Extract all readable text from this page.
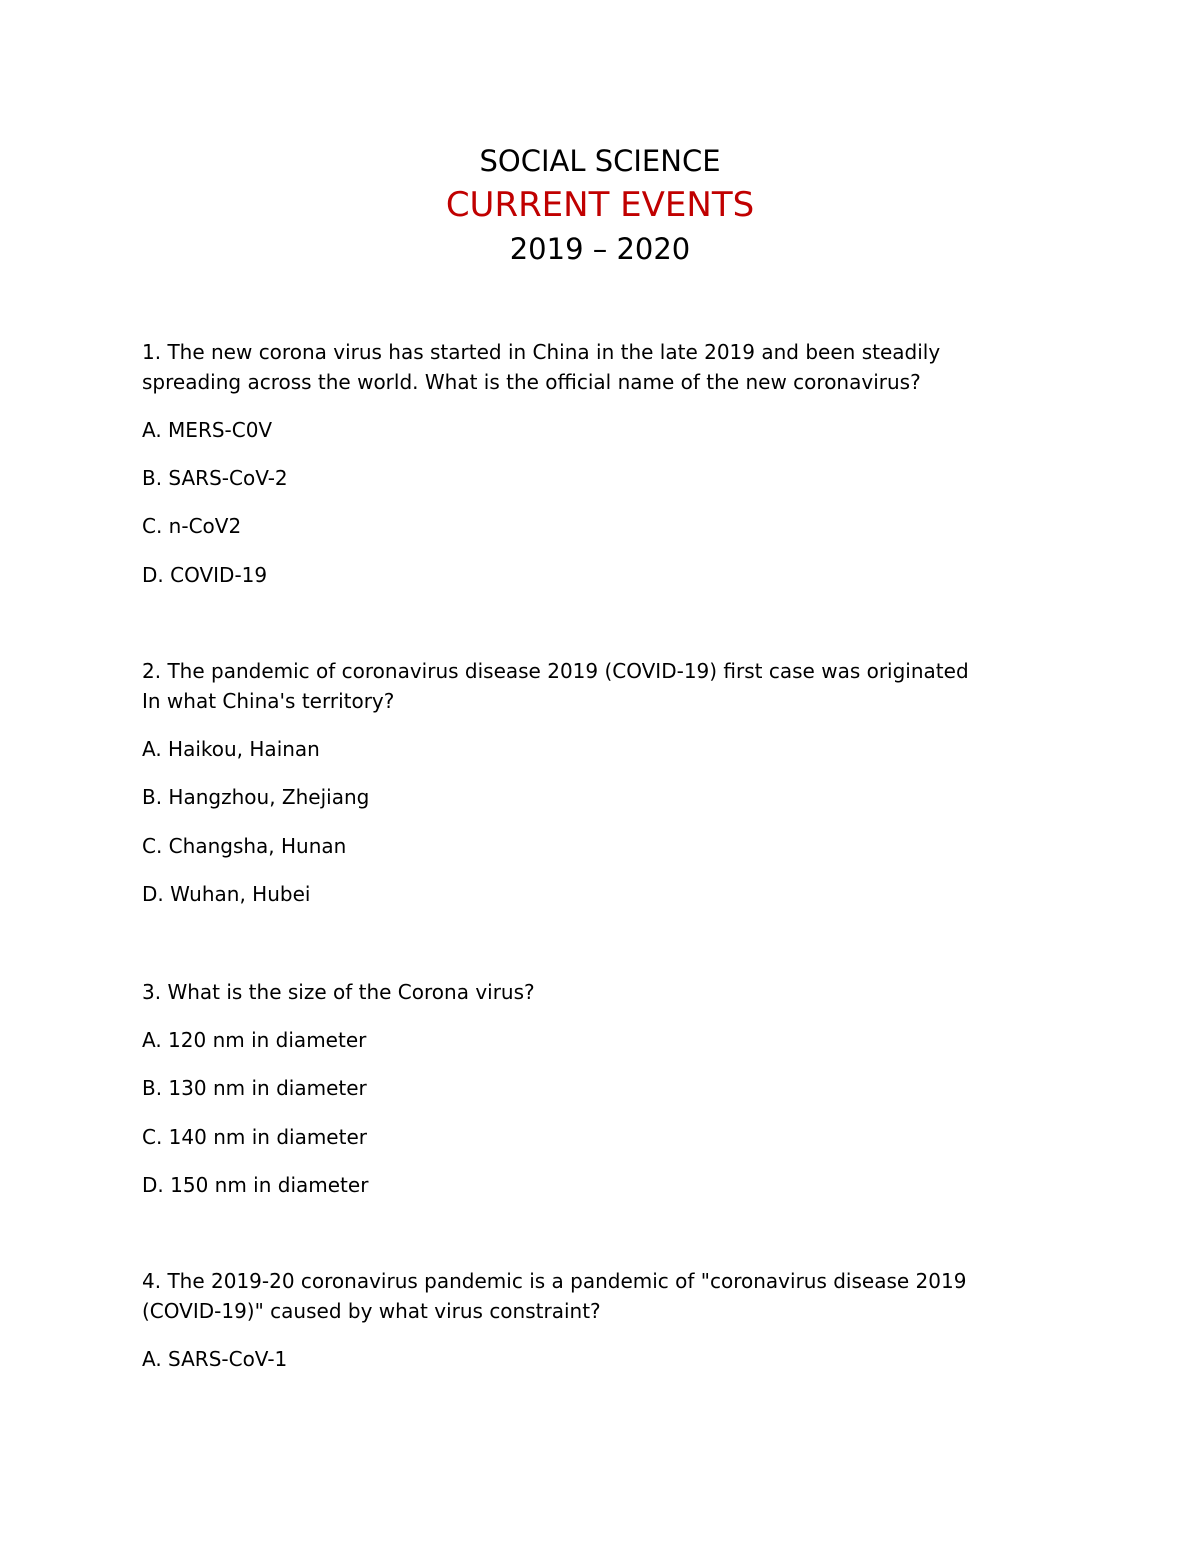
SOCIAL SCIENCE
CURRENT EVENTS
2019 – 2020
1. The new corona virus has started in China in the late 2019 and been steadily
spreading across the world. What is the official name of the new coronavirus?
A. MERS-C0V
B. SARS-CoV-2
C. n-CoV2
D. COVID-19
2. The pandemic of coronavirus disease 2019 (COVID-19) first case was originated
In what China's territory?
A. Haikou, Hainan
B. Hangzhou, Zhejiang
C. Changsha, Hunan
D. Wuhan, Hubei
3. What is the size of the Corona virus?
A. 120 nm in diameter
B. 130 nm in diameter
C. 140 nm in diameter
D. 150 nm in diameter
4. The 2019-20 coronavirus pandemic is a pandemic of "coronavirus disease 2019
(COVID-19)" caused by what virus constraint?
A. SARS-CoV-1
